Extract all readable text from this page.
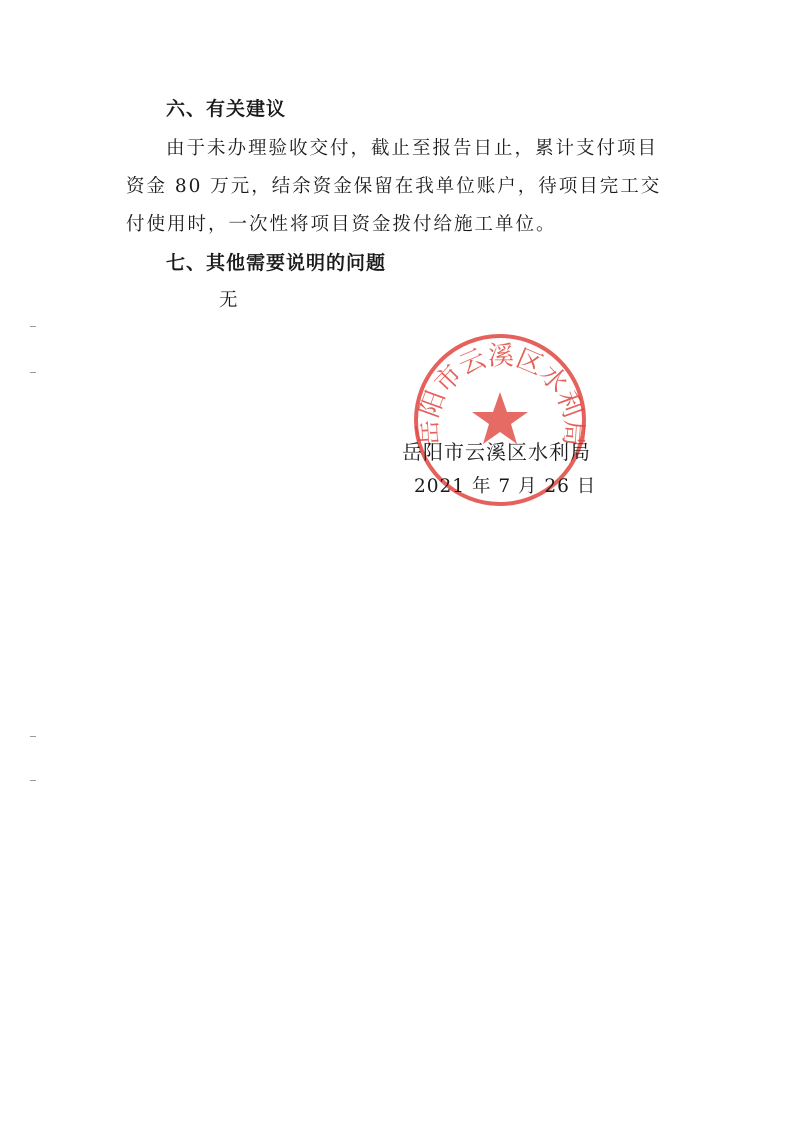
六、有关建议
由于未办理验收交付，截止至报告日止，累计支付项目
资金 80 万元，结余资金保留在我单位账户，待项目完工交
付使用时，一次性将项目资金拨付给施工单位。
七、其他需要说明的问题
无
岳阳市云溪区水利局
岳阳市云溪区水利局
2021 年 7 月 26 日
